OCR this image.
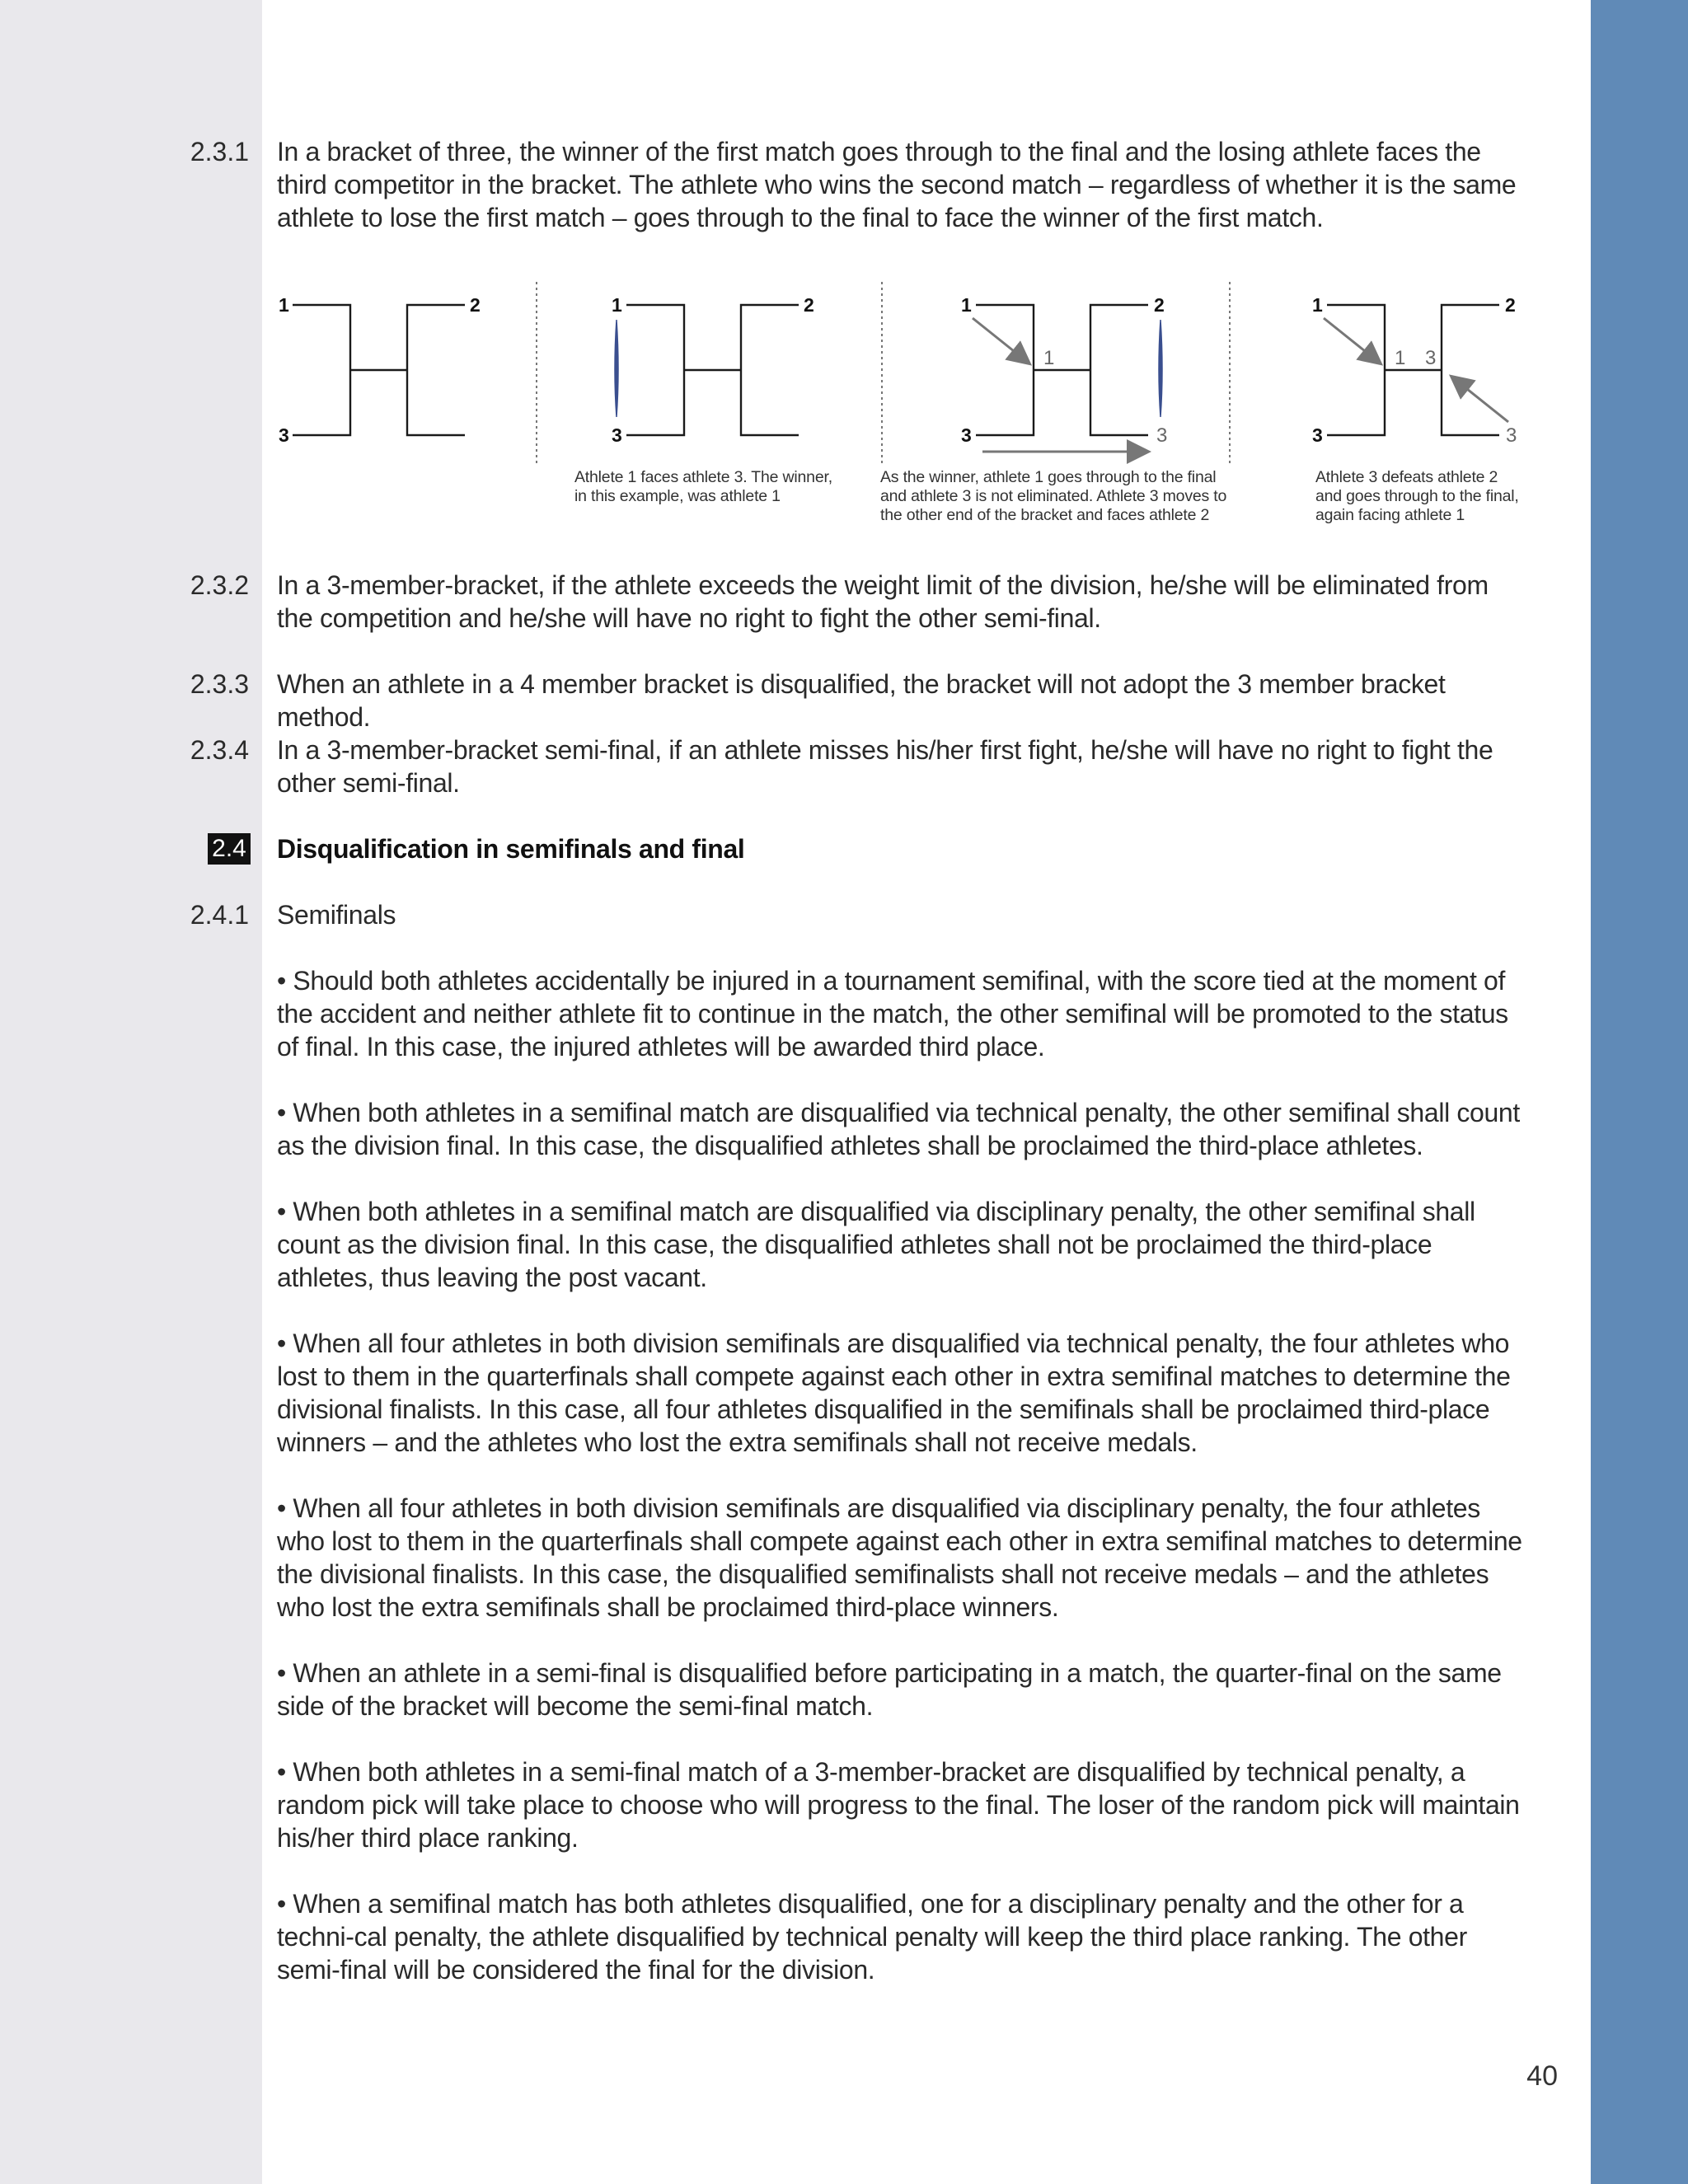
2.3.1 In a bracket of three, the winner of the first match goes through to the final and the losing athlete faces the third competitor in the bracket. The athlete who wins the second match – regardless of whether it is the same athlete to lose the first match – goes through to the final to face the winner of the first match.
1	2
3
1	2
3
1	2
3
1	2
3
1
3
1 3
3
Athlete 1 faces athlete 3. The winner, in this example, was athlete 1
As the winner, athlete 1 goes through to the final and athlete 3 is not eliminated. Athlete 3 moves to the other end of the bracket and faces athlete 2
Athlete 3 defeats athlete 2 and goes through to the final, again facing athlete 1
2.3.2 In a 3-member-bracket, if the athlete exceeds the weight limit of the division, he/she will be eliminated from the competition and he/she will have no right to fight the other semi-final.
2.3.3 When an athlete in a 4 member bracket is disqualified, the bracket will not adopt the 3 member bracket method.
2.3.4 In a 3-member-bracket semi-final, if an athlete misses his/her first fight, he/she will have no right to fight the other semi-final.
2.4 Disqualification in semifinals and final
2.4.1 Semifinals
• Should both athletes accidentally be injured in a tournament semifinal, with the score tied at the moment of the accident and neither athlete fit to continue in the match, the other semifinal will be promoted to the status of final. In this case, the injured athletes will be awarded third place.
• When both athletes in a semifinal match are disqualified via technical penalty, the other semifinal shall count as the division final. In this case, the disqualified athletes shall be proclaimed the third-place athletes.
• When both athletes in a semifinal match are disqualified via disciplinary penalty, the other semifinal shall count as the division final. In this case, the disqualified athletes shall not be proclaimed the third-place athletes, thus leaving the post vacant.
• When all four athletes in both division semifinals are disqualified via technical penalty, the four athletes who lost to them in the quarterfinals shall compete against each other in extra semifinal matches to determine the divisional finalists. In this case, all four athletes disqualified in the semifinals shall be proclaimed third-place winners – and the athletes who lost the extra semifinals shall not receive medals.
• When all four athletes in both division semifinals are disqualified via disciplinary penalty, the four athletes who lost to them in the quarterfinals shall compete against each other in extra semifinal matches to determine the divisional finalists. In this case, the disqualified semifinalists shall not receive medals – and the athletes who lost the extra semifinals shall be proclaimed third-place winners.
• When an athlete in a semi-final is disqualified before participating in a match, the quarter-final on the same side of the bracket will become the semi-final match.
• When both athletes in a semi-final match of a 3-member-bracket are disqualified by technical penalty, a random pick will take place to choose who will progress to the final. The loser of the random pick will maintain his/her third place ranking.
• When a semifinal match has both athletes disqualified, one for a disciplinary penalty and the other for a techni-cal penalty, the athlete disqualified by technical penalty will keep the third place ranking. The other semi-final will be considered the final for the division.
40
